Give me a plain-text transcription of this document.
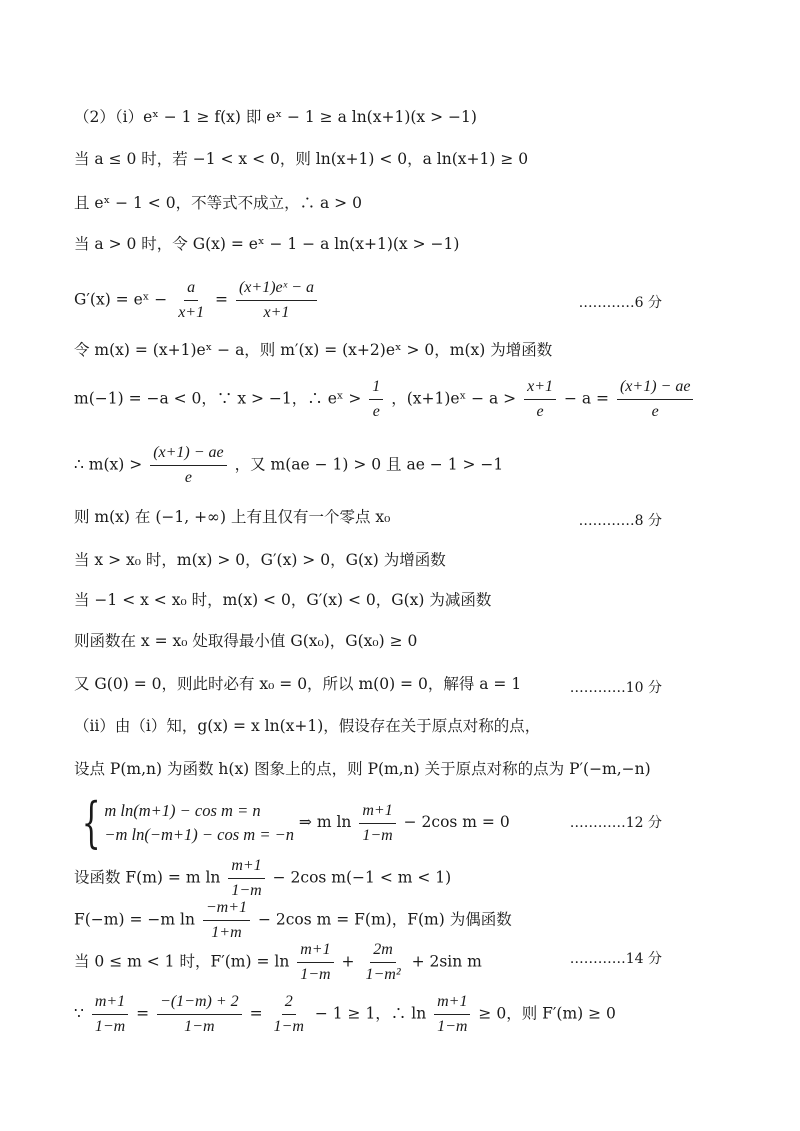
（2）（ⅰ）eˣ − 1 ≥ f(x) 即 eˣ − 1 ≥ a ln(x+1)(x > −1)
当 a ≤ 0 时，若 −1 < x < 0，则 ln(x+1) < 0，a ln(x+1) ≥ 0
且 eˣ − 1 < 0，不等式不成立，∴ a > 0
当 a > 0 时，令 G(x) = eˣ − 1 − a ln(x+1)(x > −1)
G′(x) = eˣ − $\frac{a}{x+1} = \frac{\text{(x+1)eˣ − a}}{x+1}$	…………6 分
令 m(x) = (x+1)eˣ − a，则 m′(x) = (x+2)eˣ > 0，m(x) 为增函数
m(−1) = −a < 0，∵ x > −1，∴ eˣ > $\frac{1}{e}$ ，(x+1)eˣ − $a > \frac{x+1}{e} - a = \frac{(x+1) - ae}{e}$
∴ $m(x) > \frac{(x+1) - ae}{e}$ ，又 m(ae − 1) > 0 且 ae − 1 > −1
则 m(x) 在 (−1, +∞) 上有且仅有一个零点 x₀	…………8 分
当 x > x₀ 时，m(x) > 0，G′(x) > 0，G(x) 为增函数
当 −1 < x < x₀ 时，m(x) < 0，G′(x) < 0，G(x) 为减函数
则函数在 x = x₀ 处取得最小值 G(x₀)，G(x₀) ≥ 0
又 G(0) = 0，则此时必有 x₀ = 0，所以 m(0) = 0，解得 a = 1	…………10 分
（ⅱ）由（ⅰ）知，g(x) = x ln(x+1)，假设存在关于原点对称的点，
设点 P(m,n) 为函数 h(x) 图象上的点，则 P(m,n) 关于原点对称的点为 P′(−m,−n)
{ m ln(m+1) − cos m = n
−m ln(−m+1) − cos m = −n
⇒ m $\ln \frac{m+1}{1-m} - 2\cos$ m = 0	…………12 分
设函数 F(m) = m $\ln \frac{m+1}{1-m} - 2\cos$ m(−1 < m < 1)
F(−m) = −m $\ln \frac{-m+1}{1+m} - 2\cos$ m = F(m)，F(m) 为偶函数
当 0 ≤ m < 1 时，$F'(m) = \ln \frac{m+1}{1-m} + \frac{2m}{\text{1−m²}} + 2\sin$ m	…………14 分
∵ $\frac{m+1}{1-m} = \frac{-(1-m) + 2}{1-m} = \frac{2}{1-m} - 1 \ge 1$，∴ $\ln \frac{m+1}{1-m} \ge 0$，则 F′(m) ≥ 0
